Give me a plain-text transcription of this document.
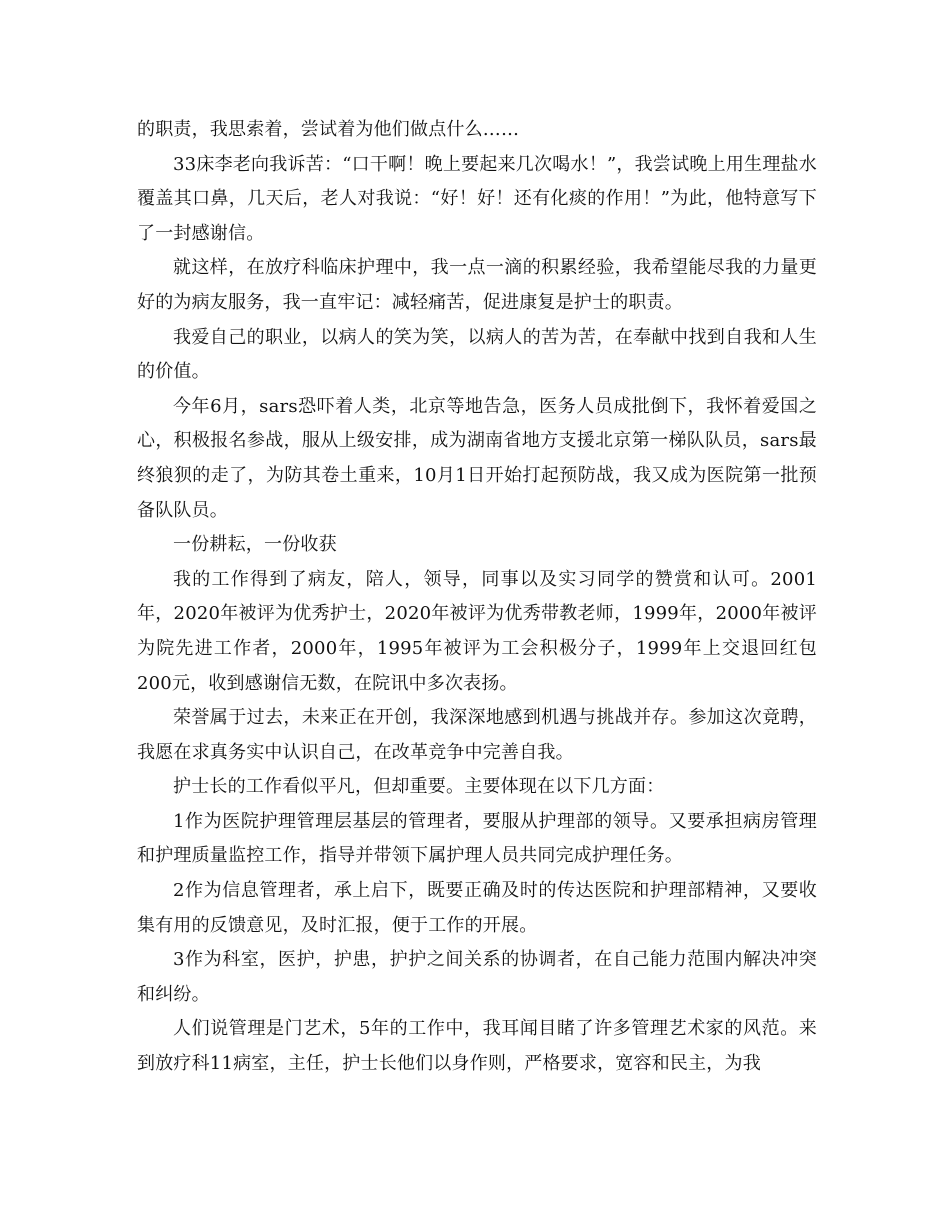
的职责，我思索着，尝试着为他们做点什么……

33床李老向我诉苦：“口干啊！晚上要起来几次喝水！”，我尝试晚上用生理盐水覆盖其口鼻，几天后，老人对我说：“好！好！还有化痰的作用！”为此，他特意写下了一封感谢信。

就这样，在放疗科临床护理中，我一点一滴的积累经验，我希望能尽我的力量更好的为病友服务，我一直牢记：减轻痛苦，促进康复是护士的职责。

我爱自己的职业，以病人的笑为笑，以病人的苦为苦，在奉献中找到自我和人生的价值。

今年6月，sars恐吓着人类，北京等地告急，医务人员成批倒下，我怀着爱国之心，积极报名参战，服从上级安排，成为湖南省地方支援北京第一梯队队员，sars最终狼狈的走了，为防其卷土重来，10月1日开始打起预防战，我又成为医院第一批预备队队员。

一份耕耘，一份收获

我的工作得到了病友，陪人，领导，同事以及实习同学的赞赏和认可。2001年，2020年被评为优秀护士，2020年被评为优秀带教老师，1999年，2000年被评为院先进工作者，2000年，1995年被评为工会积极分子，1999年上交退回红包200元，收到感谢信无数，在院讯中多次表扬。

荣誉属于过去，未来正在开创，我深深地感到机遇与挑战并存。参加这次竟聘，我愿在求真务实中认识自己，在改革竞争中完善自我。

护士长的工作看似平凡，但却重要。主要体现在以下几方面：

1作为医院护理管理层基层的管理者，要服从护理部的领导。又要承担病房管理和护理质量监控工作，指导并带领下属护理人员共同完成护理任务。

2作为信息管理者，承上启下，既要正确及时的传达医院和护理部精神，又要收集有用的反馈意见，及时汇报，便于工作的开展。

3作为科室，医护，护患，护护之间关系的协调者，在自己能力范围内解决冲突和纠纷。

人们说管理是门艺术，5年的工作中，我耳闻目睹了许多管理艺术家的风范。来到放疗科11病室，主任，护士长他们以身作则，严格要求，宽容和民主，为我
